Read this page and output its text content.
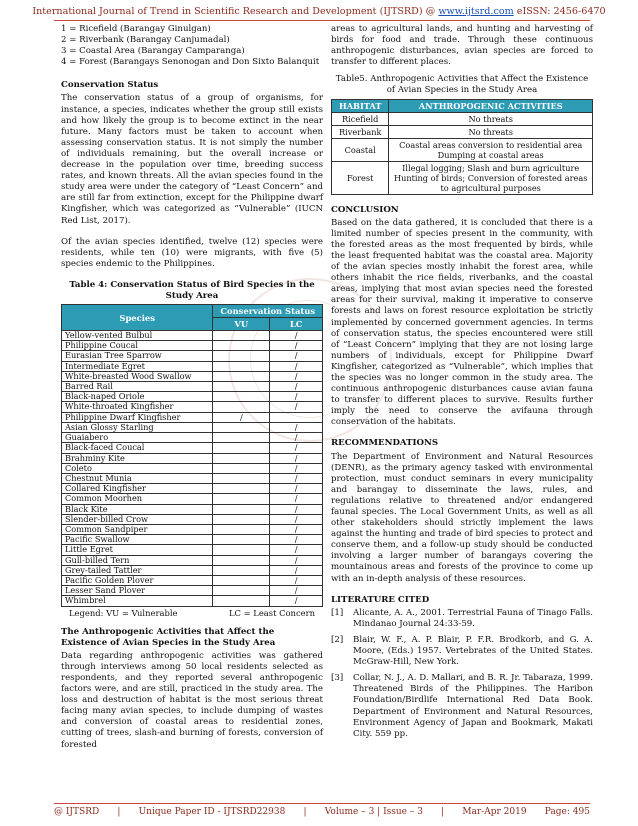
International Journal of Trend in Scientific Research and Development (IJTSRD) @ www.ijtsrd.com eISSN: 2456-6470

1 = Ricefield (Barangay Ginulgan)

2 = Riverbank (Barangay Canjumadal)

3 = Coastal Area (Barangay Camparanga)

4 = Forest (Barangays Senonogan and Don Sixto Balanquit

Conservation Status

The conservation status of a group of organisms, for instance, a species, indicates whether the group still exists and how likely the group is to become extinct in the near future. Many factors must be taken to account when assessing conservation status. It is not simply the number of individuals remaining, but the overall increase or decrease in the population over time, breeding success rates, and known threats. All the avian species found in the study area were under the category of “Least Concern” and are still far from extinction, except for the Philippine dwarf Kingfisher, which was categorized as “Vulnerable” (IUCN Red List, 2017).

Of the avian species identified, twelve (12) species were residents, while ten (10) were migrants, with five (5) species endemic to the Philippines.

Table 4: Conservation Status of Bird Species in the Study Area
Species	Conservation Status	
	VU	LC
Yellow-vented Bulbul		/
Philippine Coucal		/
Eurasian Tree Sparrow		/
Intermediate Egret		/
White-breasted Wood Swallow		/
Barred Rail		/
Black-naped Oriole		/
White-throated Kingfisher		/
Philippine Dwarf Kingfisher	/	
Asian Glossy Starling		/
Guaiabero		/
Black-faced Coucal		/
Brahminy Kite		/
Coleto		/
Chestnut Munia		/
Collared Kingfisher		/
Common Moorhen		/
Black Kite		/
Slender-billed Crow		/
Common Sandpiper		/
Pacific Swallow		/
Little Egret		/
Gull-billed Tern		/
Grey-tailed Tattler		/
Pacific Golden Plover		/
Lesser Sand Plover		/
Whimbrel		/
Legend: VU = Vulnerable	LC = Least Concern
The Anthropogenic Activities that Affect the Existence of Avian Species in the Study Area

Data regarding anthropogenic activities was gathered through interviews among 50 local residents selected as respondents, and they reported several anthropogenic factors were, and are still, practiced in the study area. The loss and destruction of habitat is the most serious threat facing many avian species, to include dumping of wastes and conversion of coastal areas to residential zones, cutting of trees, slash-and burning of forests, conversion of forested

areas to agricultural lands, and hunting and harvesting of birds for food and trade. Through these continuous anthropogenic disturbances, avian species are forced to transfer to different places.

Table5. Anthropogenic Activities that Affect the Existence of Avian Species in the Study Area
HABITAT	ANTHROPOGENIC ACTIVITIES
Ricefield	No threats
Riverbank	No threats
Coastal	Coastal areas conversion to residential area Dumping at coastal areas
Forest	Illegal logging; Slash and burn agriculture Hunting of birds; Conversion of forested areas to agricultural purposes
CONCLUSION

Based on the data gathered, it is concluded that there is a limited number of species present in the community, with the forested areas as the most frequented by birds, while the least frequented habitat was the coastal area. Majority of the avian species mostly inhabit the forest area, while others inhabit the rice fields, riverbanks, and the coastal areas, implying that most avian species need the forested areas for their survival, making it imperative to conserve forests and laws on forest resource exploitation be strictly implemented by concerned government agencies. In terms of conservation status, the species encountered were still of “Least Concern” implying that they are not losing large numbers of individuals, except for Philippine Dwarf Kingfisher, categorized as “Vulnerable”, which implies that the species was no longer common in the study area. The continuous anthropogenic disturbances cause avian fauna to transfer to different places to survive. Results further imply the need to conserve the avifauna through conservation of the habitats.

RECOMMENDATIONS

The Department of Environment and Natural Resources (DENR), as the primary agency tasked with environmental protection, must conduct seminars in every municipality and barangay to disseminate the laws, rules, and regulations relative to threatened and/or endangered faunal species. The Local Government Units, as well as all other stakeholders should strictly implement the laws against the hunting and trade of bird species to protect and conserve them, and a follow-up study should be conducted involving a larger number of barangays covering the mountainous areas and forests of the province to come up with an in-depth analysis of these resources.

LITERATURE CITED
[1]	Alicante, A. A., 2001. Terrestrial Fauna of Tinago Falls. Mindanao Journal 24:33-59.
[2]	Blair, W. F., A. P. Blair, P. F.R. Brodkorb, and G. A. Moore, (Eds.) 1957. Vertebrates of the United States. McGraw-Hill, New York.
[3]	Collar, N. J., A. D. Mallari, and B. R. Jr. Tabaraza, 1999. Threatened Birds of the Philippines. The Haribon Foundation/Birdlife International Red Data Book. Department of Environment and Natural Resources, Environment Agency of Japan and Bookmark, Makati City. 559 pp.
@ IJTSRD | Unique Paper ID - IJTSRD22938 | Volume – 3 | Issue – 3 | Mar-Apr 2019 Page: 495
